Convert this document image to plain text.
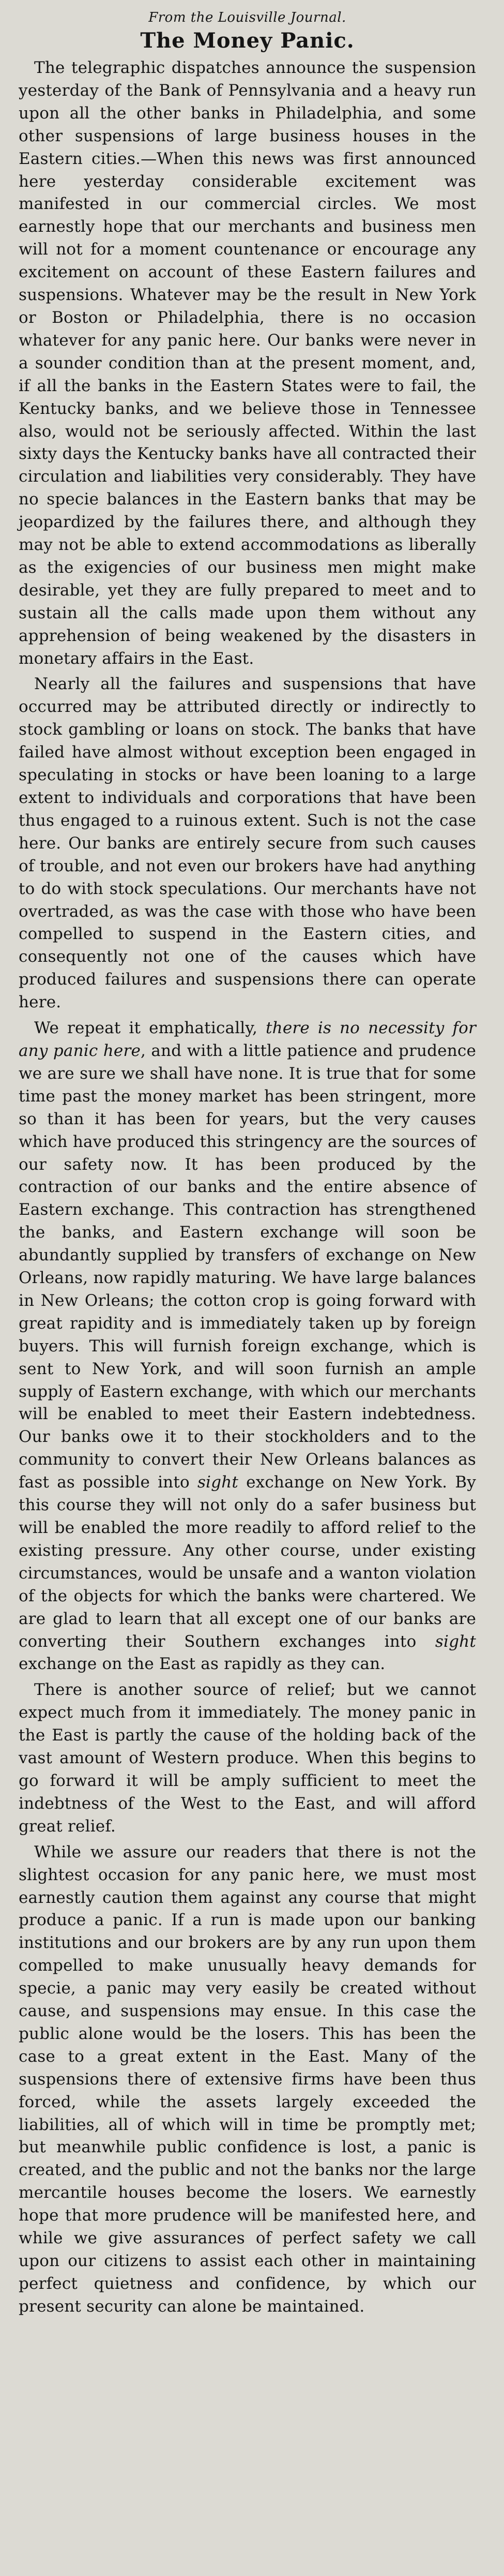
From the Louisville Journal.
The Money Panic.

The telegraphic dispatches announce the suspension yesterday of the Bank of Pennsylvania and a heavy run upon all the other banks in Philadelphia, and some other suspensions of large business houses in the Eastern cities.—When this news was first announced here yesterday considerable excitement was manifested in our commercial circles. We most earnestly hope that our merchants and business men will not for a moment countenance or encourage any excitement on account of these Eastern failures and suspensions. Whatever may be the result in New York or Boston or Philadelphia, there is no occasion whatever for any panic here. Our banks were never in a sounder condition than at the present moment, and, if all the banks in the Eastern States were to fail, the Kentucky banks, and we believe those in Tennessee also, would not be seriously affected. Within the last sixty days the Kentucky banks have all contracted their circulation and liabilities very considerably. They have no specie balances in the Eastern banks that may be jeopardized by the failures there, and although they may not be able to extend accommodations as liberally as the exigencies of our business men might make desirable, yet they are fully prepared to meet and to sustain all the calls made upon them without any apprehension of being weakened by the disasters in monetary affairs in the East.

Nearly all the failures and suspensions that have occurred may be attributed directly or indirectly to stock gambling or loans on stock. The banks that have failed have almost without exception been engaged in speculating in stocks or have been loaning to a large extent to individuals and corporations that have been thus engaged to a ruinous extent. Such is not the case here. Our banks are entirely secure from such causes of trouble, and not even our brokers have had anything to do with stock speculations. Our merchants have not overtraded, as was the case with those who have been compelled to suspend in the Eastern cities, and consequently not one of the causes which have produced failures and suspensions there can operate here.

We repeat it emphatically, there is no necessity for any panic here, and with a little patience and prudence we are sure we shall have none. It is true that for some time past the money market has been stringent, more so than it has been for years, but the very causes which have produced this stringency are the sources of our safety now. It has been produced by the contraction of our banks and the entire absence of Eastern exchange. This contraction has strengthened the banks, and Eastern exchange will soon be abundantly supplied by transfers of exchange on New Orleans, now rapidly maturing. We have large balances in New Orleans; the cotton crop is going forward with great rapidity and is immediately taken up by foreign buyers. This will furnish foreign exchange, which is sent to New York, and will soon furnish an ample supply of Eastern exchange, with which our merchants will be enabled to meet their Eastern indebtedness. Our banks owe it to their stockholders and to the community to convert their New Orleans balances as fast as possible into sight exchange on New York. By this course they will not only do a safer business but will be enabled the more readily to afford relief to the existing pressure. Any other course, under existing circumstances, would be unsafe and a wanton violation of the objects for which the banks were chartered. We are glad to learn that all except one of our banks are converting their Southern exchanges into sight exchange on the East as rapidly as they can.

There is another source of relief; but we cannot expect much from it immediately. The money panic in the East is partly the cause of the holding back of the vast amount of Western produce. When this begins to go forward it will be amply sufficient to meet the indebtness of the West to the East, and will afford great relief.

While we assure our readers that there is not the slightest occasion for any panic here, we must most earnestly caution them against any course that might produce a panic. If a run is made upon our banking institutions and our brokers are by any run upon them compelled to make unusually heavy demands for specie, a panic may very easily be created without cause, and suspensions may ensue. In this case the public alone would be the losers. This has been the case to a great extent in the East. Many of the suspensions there of extensive firms have been thus forced, while the assets largely exceeded the liabilities, all of which will in time be promptly met; but meanwhile public confidence is lost, a panic is created, and the public and not the banks nor the large mercantile houses become the losers. We earnestly hope that more prudence will be manifested here, and while we give assurances of perfect safety we call upon our citizens to assist each other in maintaining perfect quietness and confidence, by which our present security can alone be maintained.
